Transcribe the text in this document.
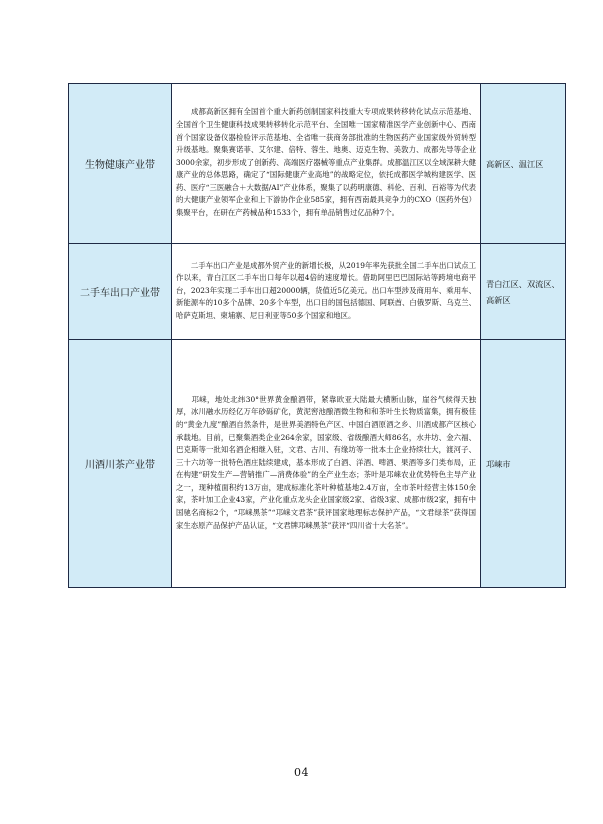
生物健康产业带	　　成都高新区拥有全国首个重大新药创制国家科技重大专项成果转移转化试点示范基地、全国首个卫生健康科技成果转移转化示范平台、全国唯一国家精准医学产业创新中心、西南首个国家设备仪器检验评示范基地、全省唯一获商务部批准的生物医药产业国家级外贸转型升级基地。聚集赛诺菲、艾尔建、倍特、蓉生、地奥、迈克生物、美敦力、成都先导等企业3000余家，初步形成了创新药、高端医疗器械等重点产业集群。成都温江区以全域深耕大健康产业的总体思路，确定了“国际健康产业高地”的战略定位，依托成都医学城构建医学、医药、医疗“三医融合＋大数据/AI”产业体系，聚集了以药明康德、科伦、百利、百裕等为代表的大健康产业领军企业和上下游协作企业585家，拥有西南最具竞争力的CXO（医药外包）集聚平台，在研在产药械品种1533个，拥有单品销售过亿品种7个。	高新区、温江区
二手车出口产业带	　　二手车出口产业是成都外贸产业的新增长极，从2019年率先获批全国二手车出口试点工作以来，青白江区二手车出口每年以超4倍的速度增长。借助阿里巴巴国际站等跨境电商平台，2023年实现二手车出口超20000辆，货值近5亿美元。出口车型涉及商用车、乘用车、新能源车的10多个品牌、20多个车型，出口目的国包括德国、阿联酋、白俄罗斯、乌克兰、哈萨克斯坦、柬埔寨、尼日利亚等50多个国家和地区。	青白江区、双流区、高新区
川酒川茶产业带	　　邛崃，地处北纬30°世界黄金酿酒带，紧靠欧亚大陆最大横断山脉，崖谷气候得天独厚，冰川融水历经亿万年砂砾矿化，黄泥窖池酿酒微生物和和茶叶生长物质富集，拥有极佳的“黄金九度”酿酒自然条件，是世界美酒特色产区、中国白酒原酒之乡、川酒成都产区核心承载地。目前，已聚集酒类企业264余家，国家级、省级酿酒大师86名，水井坊、金六福、巴克斯等一批知名酒企相继入驻，文君、古川、有缘坊等一批本土企业持续壮大，渡河子、三十六坊等一批特色酒庄陆续建成，基本形成了白酒、洋酒、啤酒、果酒等多门类布局，正在构建“研发生产—营销推广—消费体验”的全产业生态；茶叶是邛崃农业优势特色主导产业之一，现种植面积约13万亩，建成标准化茶叶种植基地2.4万亩，全市茶叶经营主体150余家，茶叶加工企业43家，产业化重点龙头企业国家级2家、省级3家、成都市级2家，拥有中国驰名商标2个，“邛崃黑茶”“邛崃文君茶”获评国家地理标志保护产品，“文君绿茶”获得国家生态原产品保护产品认证，“文君牌邛崃黑茶”获评“四川省十大名茶”。	邛崃市
04
